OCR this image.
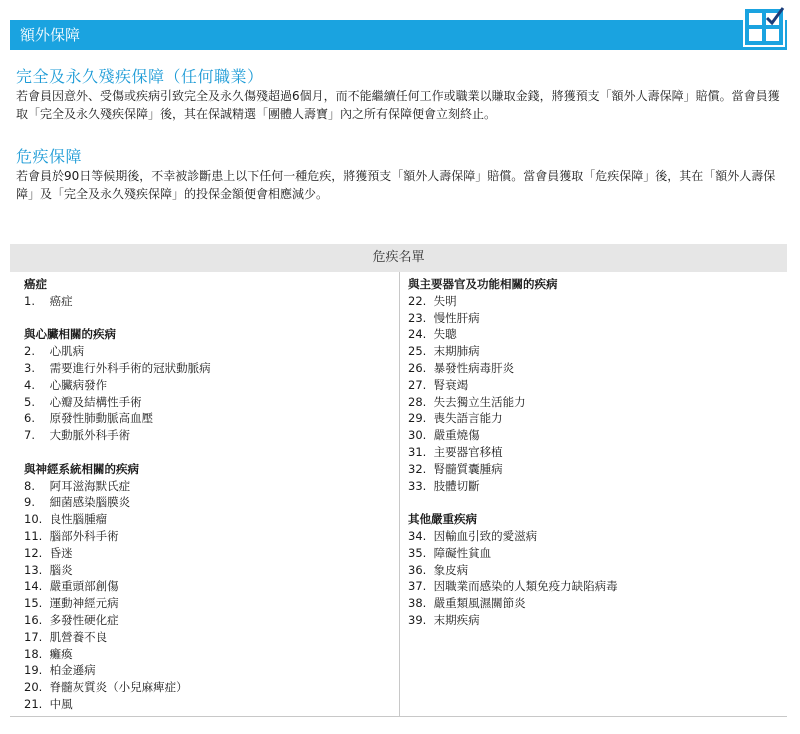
額外保障
完全及永久殘疾保障（任何職業）
若會員因意外、受傷或疾病引致完全及永久傷殘超過6個月，而不能繼續任何工作或職業以賺取金錢，將獲預支「額外人壽保障」賠償。當會員獲取「完全及永久殘疾保障」後，其在保誠精選「團體人壽寶」內之所有保障便會立刻終止。
危疾保障
若會員於90日等候期後，不幸被診斷患上以下任何一種危疾，將獲預支「額外人壽保障」賠償。當會員獲取「危疾保障」後，其在「額外人壽保障」及「完全及永久殘疾保障」的投保金額便會相應減少。
危疾名單
癌症
1. 癌症
與心臟相關的疾病
2. 心肌病
3. 需要進行外科手術的冠狀動脈病
4. 心臟病發作
5. 心瓣及結構性手術
6. 原發性肺動脈高血壓
7. 大動脈外科手術
與神經系統相關的疾病
8. 阿耳滋海默氏症
9. 細菌感染腦膜炎
10. 良性腦腫瘤
11. 腦部外科手術
12. 昏迷
13. 腦炎
14. 嚴重頭部創傷
15. 運動神經元病
16. 多發性硬化症
17. 肌營養不良
18. 癱瘓
19. 柏金遜病
20. 脊髓灰質炎（小兒麻痺症）
21. 中風
與主要器官及功能相關的疾病
22. 失明
23. 慢性肝病
24. 失聰
25. 末期肺病
26. 暴發性病毒肝炎
27. 腎衰竭
28. 失去獨立生活能力
29. 喪失語言能力
30. 嚴重燒傷
31. 主要器官移植
32. 腎髓質囊腫病
33. 肢體切斷
其他嚴重疾病
34. 因輸血引致的愛滋病
35. 障礙性貧血
36. 象皮病
37. 因職業而感染的人類免疫力缺陷病毒
38. 嚴重類風濕關節炎
39. 末期疾病
